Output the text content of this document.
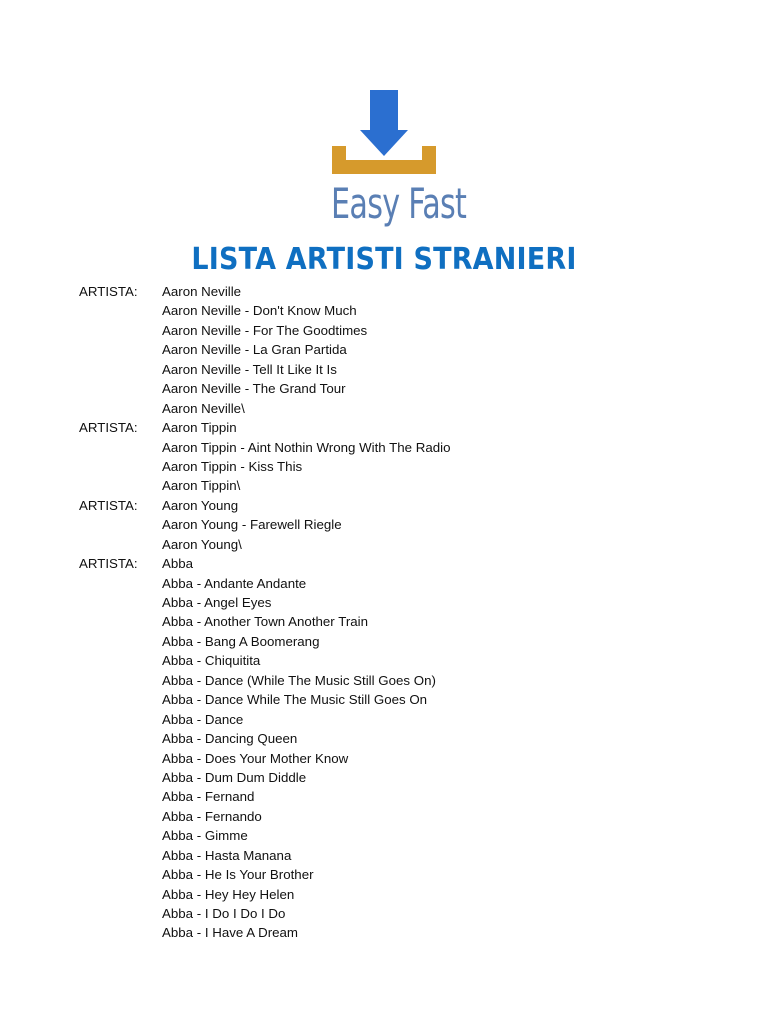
Easy Fast
LISTA ARTISTI STRANIERI
ARTISTA: Aaron Neville
Aaron Neville - Don't Know Much
Aaron Neville - For The Goodtimes
Aaron Neville - La Gran Partida
Aaron Neville - Tell It Like It Is
Aaron Neville - The Grand Tour
Aaron Neville\
ARTISTA: Aaron Tippin
Aaron Tippin - Aint Nothin Wrong With The Radio
Aaron Tippin - Kiss This
Aaron Tippin\
ARTISTA: Aaron Young
Aaron Young - Farewell Riegle
Aaron Young\
ARTISTA: Abba
Abba - Andante Andante
Abba - Angel Eyes
Abba - Another Town Another Train
Abba - Bang A Boomerang
Abba - Chiquitita
Abba - Dance (While The Music Still Goes On)
Abba - Dance While The Music Still Goes On
Abba - Dance
Abba - Dancing Queen
Abba - Does Your Mother Know
Abba - Dum Dum Diddle
Abba - Fernand
Abba - Fernando
Abba - Gimme
Abba - Hasta Manana
Abba - He Is Your Brother
Abba - Hey Hey Helen
Abba - I Do I Do I Do
Abba - I Have A Dream
